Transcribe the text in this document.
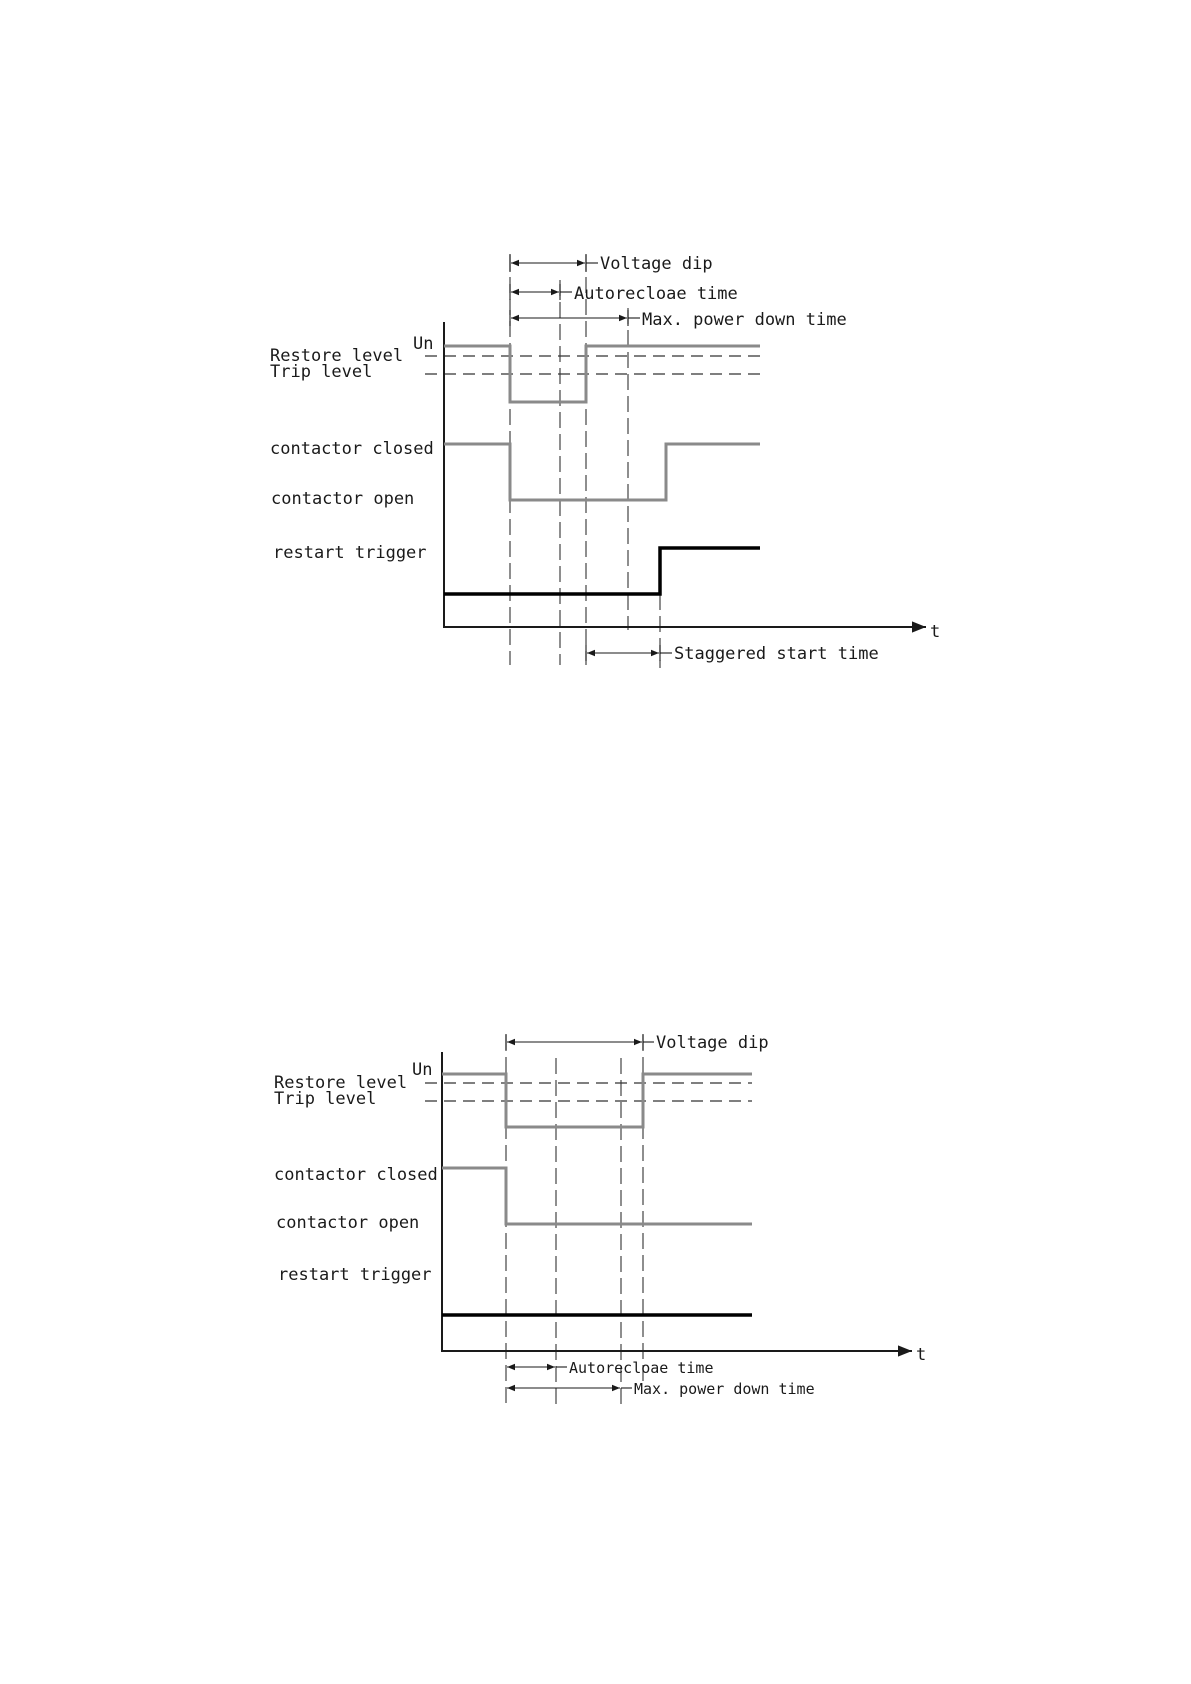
Voltage dip
Autorecloae time
Max. power down time
Staggered start time
Un
Restore level
Trip level
contactor closed
contactor open
restart trigger
t
Voltage dip
Autorecloae time
Max. power down time
Un
Restore level
Trip level
contactor closed
contactor open
restart trigger
t
